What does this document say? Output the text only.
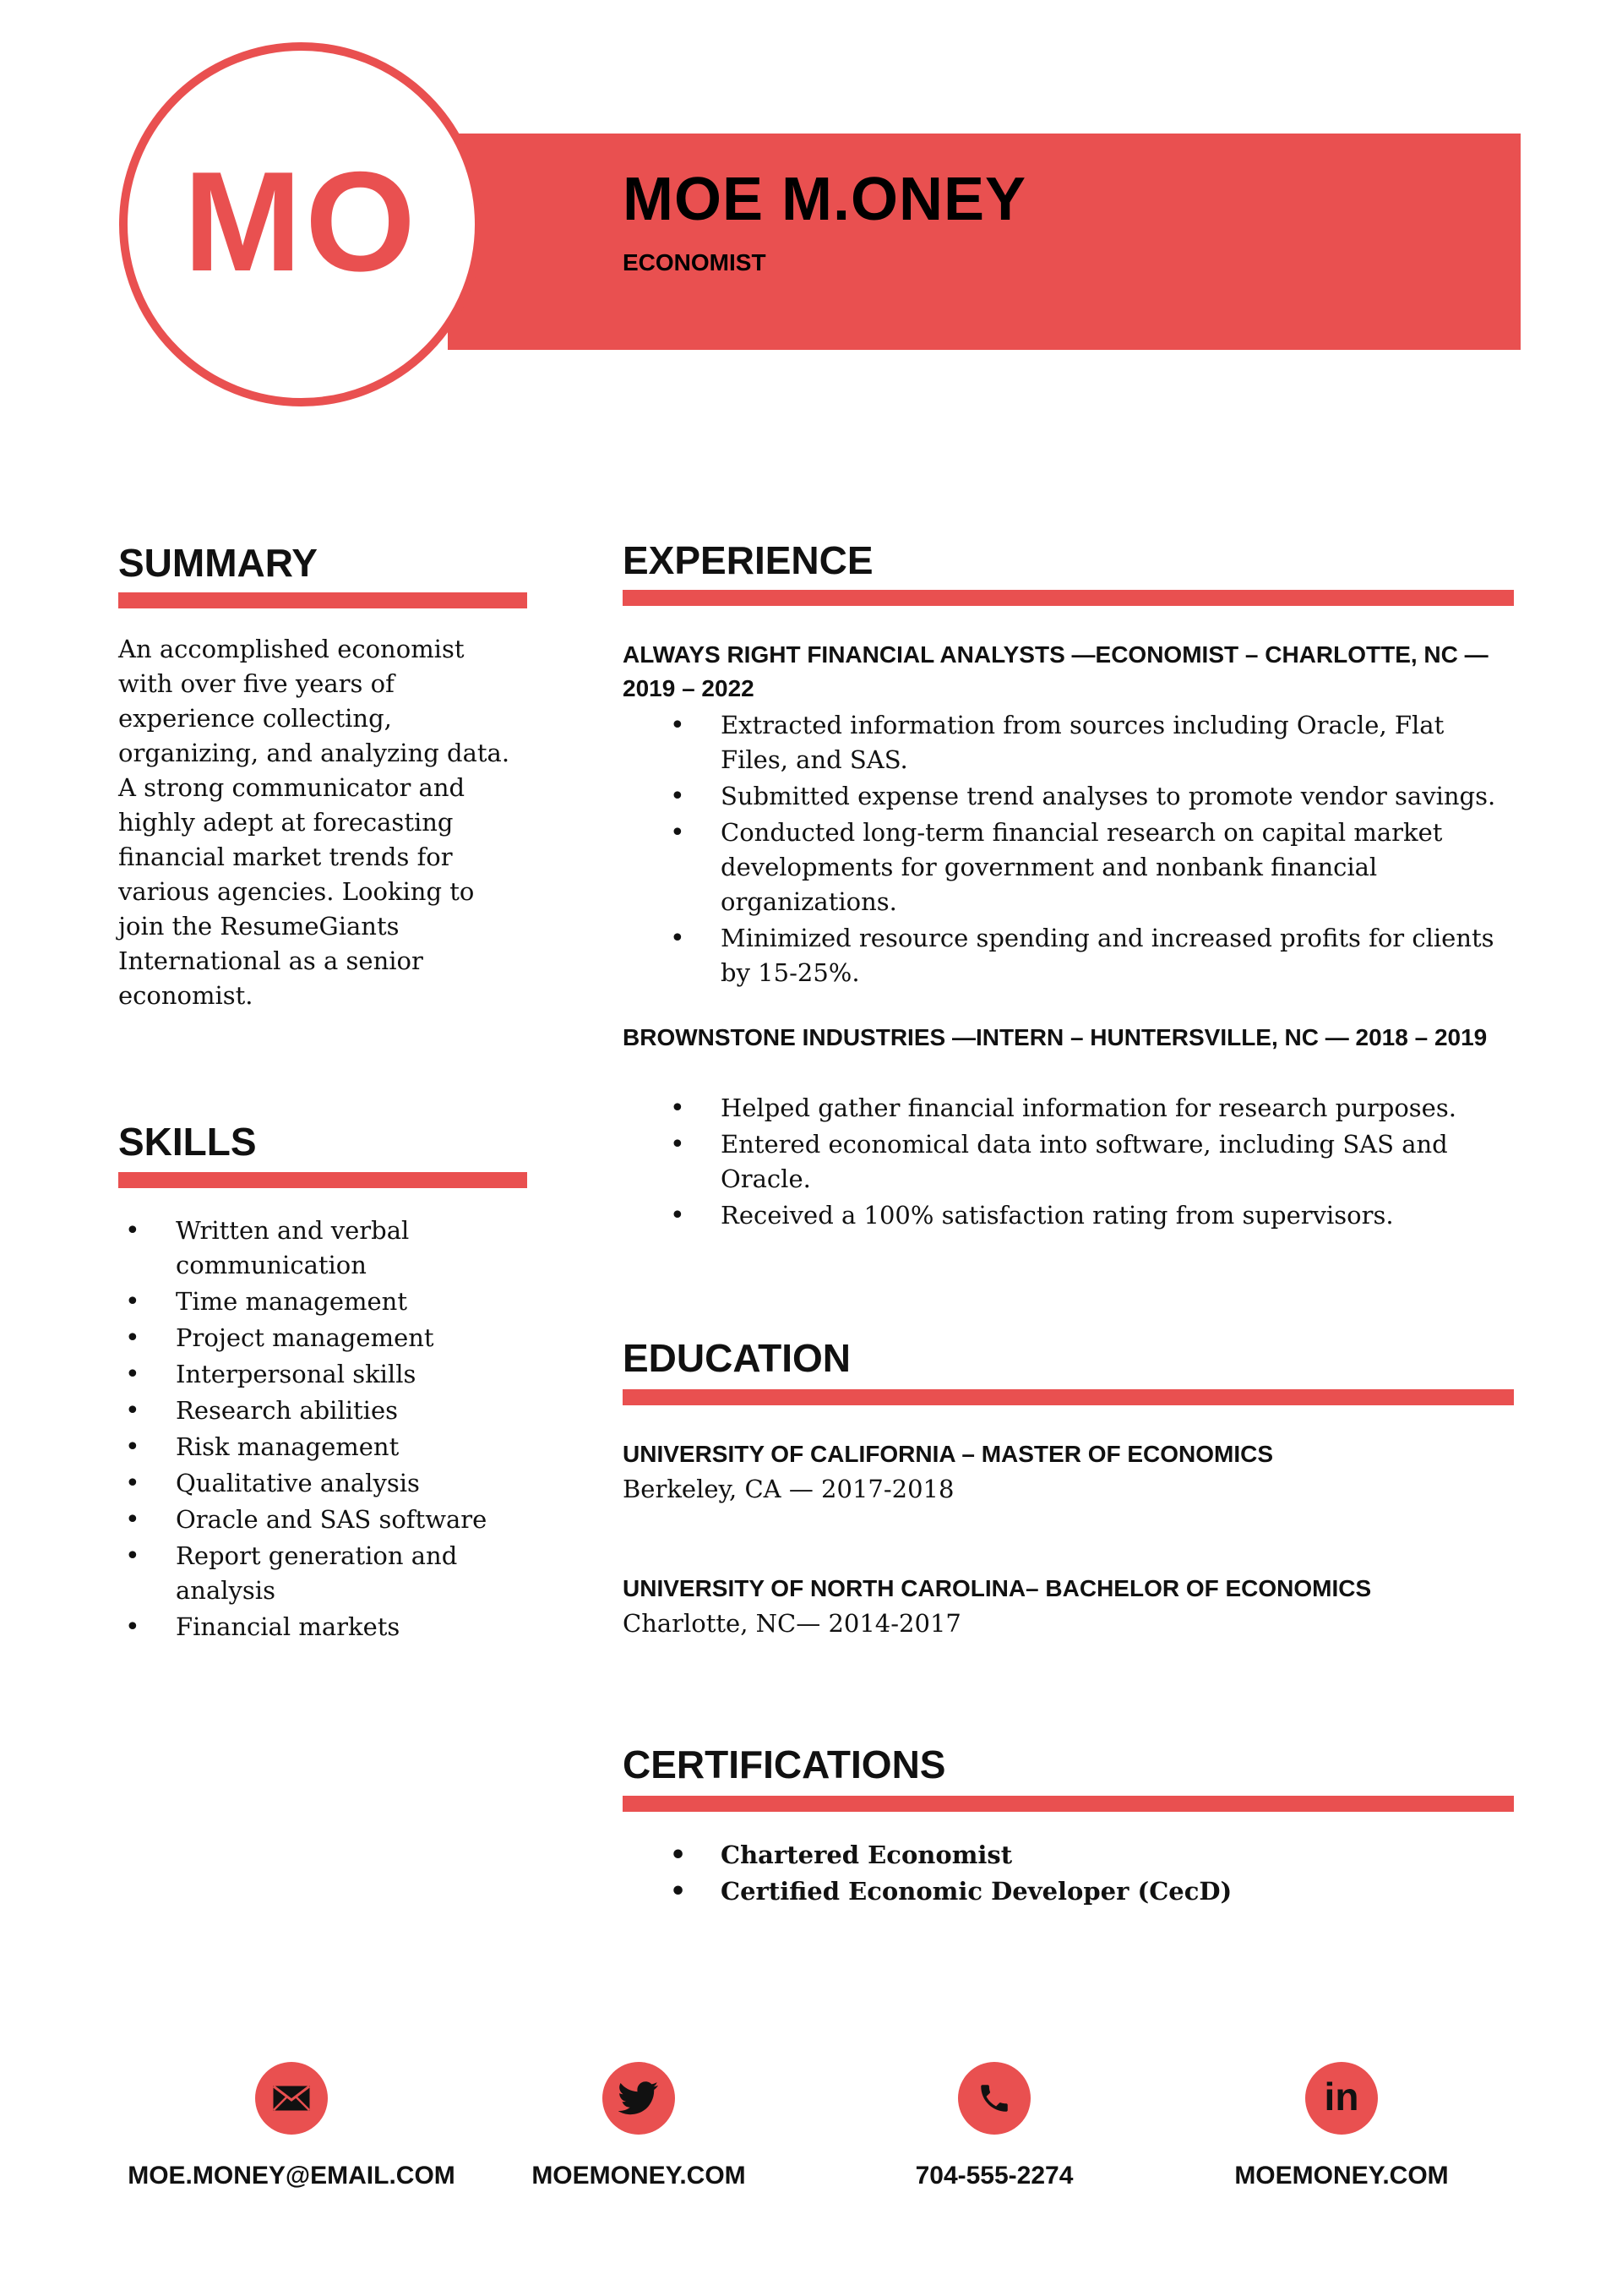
MO	MOE M.ONEY

ECONOMIST

SUMMARY

An accomplished economist with over five years of experience collecting, organizing, and analyzing data. A strong communicator and highly adept at forecasting financial market trends for various agencies. Looking to join the ResumeGiants International as a senior economist.

SKILLS
• Written and verbal communication
• Time management
• Project management
• Interpersonal skills
• Research abilities
• Risk management
• Qualitative analysis
• Oracle and SAS software
• Report generation and analysis
• Financial markets
EXPERIENCE

ALWAYS RIGHT FINANCIAL ANALYSTS —ECONOMIST – CHARLOTTE, NC — 2019 – 2022

• Extracted information from sources including Oracle, Flat Files, and SAS.
• Submitted expense trend analyses to promote vendor savings.
• Conducted long-term financial research on capital market developments for government and nonbank financial organizations.
• Minimized resource spending and increased profits for clients by 15-25%.

BROWNSTONE INDUSTRIES —INTERN – HUNTERSVILLE, NC — 2018 – 2019

• Helped gather financial information for research purposes.
• Entered economical data into software, including SAS and Oracle.
• Received a 100% satisfaction rating from supervisors.
EDUCATION

UNIVERSITY OF CALIFORNIA – MASTER OF ECONOMICS

Berkeley, CA — 2017-2018

UNIVERSITY OF NORTH CAROLINA– BACHELOR OF ECONOMICS

Charlotte, NC— 2014-2017

CERTIFICATIONS
• Chartered Economist
• Certified Economic Developer (CecD)
MOE.MONEY@EMAIL.COM	MOEMONEY.COM	704-555-2274
in
MOEMONEY.COM
